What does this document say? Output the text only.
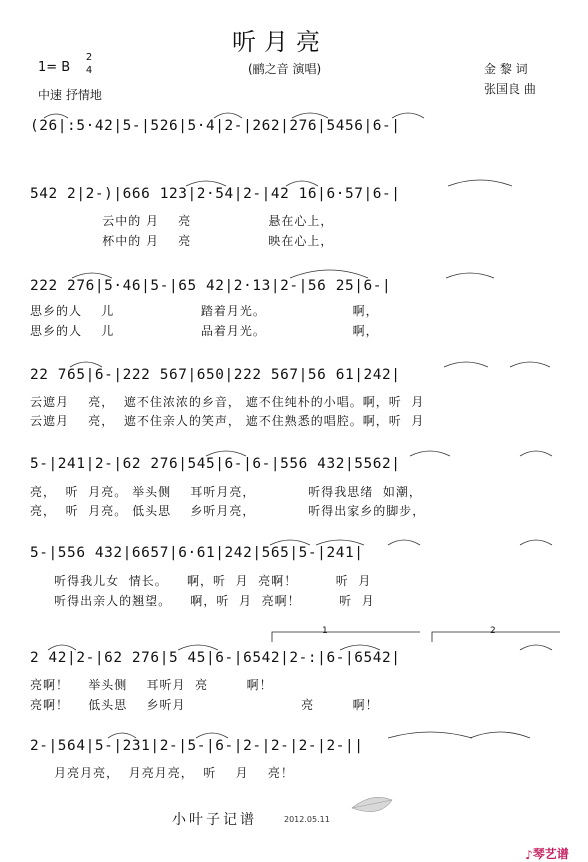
听月亮
(鹂之音 演唱)
1= B
2
4
中速 抒情地
金 黎 词
张国良 曲
(26|:5·42|5-|526|5·4|2-|262|276|5456|6-|
542 2|2-)|666 123|2·54|2-|42 16|6·57|6-|
云中的 月    亮                悬在心上，
杯中的 月    亮                映在心上，
222 276|5·46|5-|65 42|2·13|2-|56 25|6-|
思乡的人    儿                  踏着月光。                  啊，
思乡的人    儿                  品着月光。                  啊，
22 765|6-|222 567|650|222 567|56 61|242|
云遮月    亮，  遮不住浓浓的乡音， 遮不住纯朴的小唱。啊，听  月
云遮月    亮，  遮不住亲人的笑声， 遮不住熟悉的唱腔。啊，听  月
5-|241|2-|62 276|545|6-|6-|556 432|5562|
亮，  听  月亮。 举头侧    耳听月亮，           听得我思绪  如潮，
亮，  听  月亮。 低头思    乡听月亮，           听得出家乡的脚步，
5-|556 432|6657|6·61|242|565|5-|241|
听得我儿女  情长。    啊，听  月  亮啊！        听  月
听得出亲人的翘望。    啊，听  月  亮啊！        听  月
1	2
2 42|2-|62 276|5 45|6-|6542|2-:|6-|6542|
亮啊！    举头侧    耳听月  亮        啊！
亮啊！    低头思    乡听月                        亮        啊！
2-|564|5-|231|2-|5-|6-|2-|2-|2-|2-||
月亮月亮，  月亮月亮，  听    月    亮！
小叶子记谱	2012.05.11

♪琴艺谱
